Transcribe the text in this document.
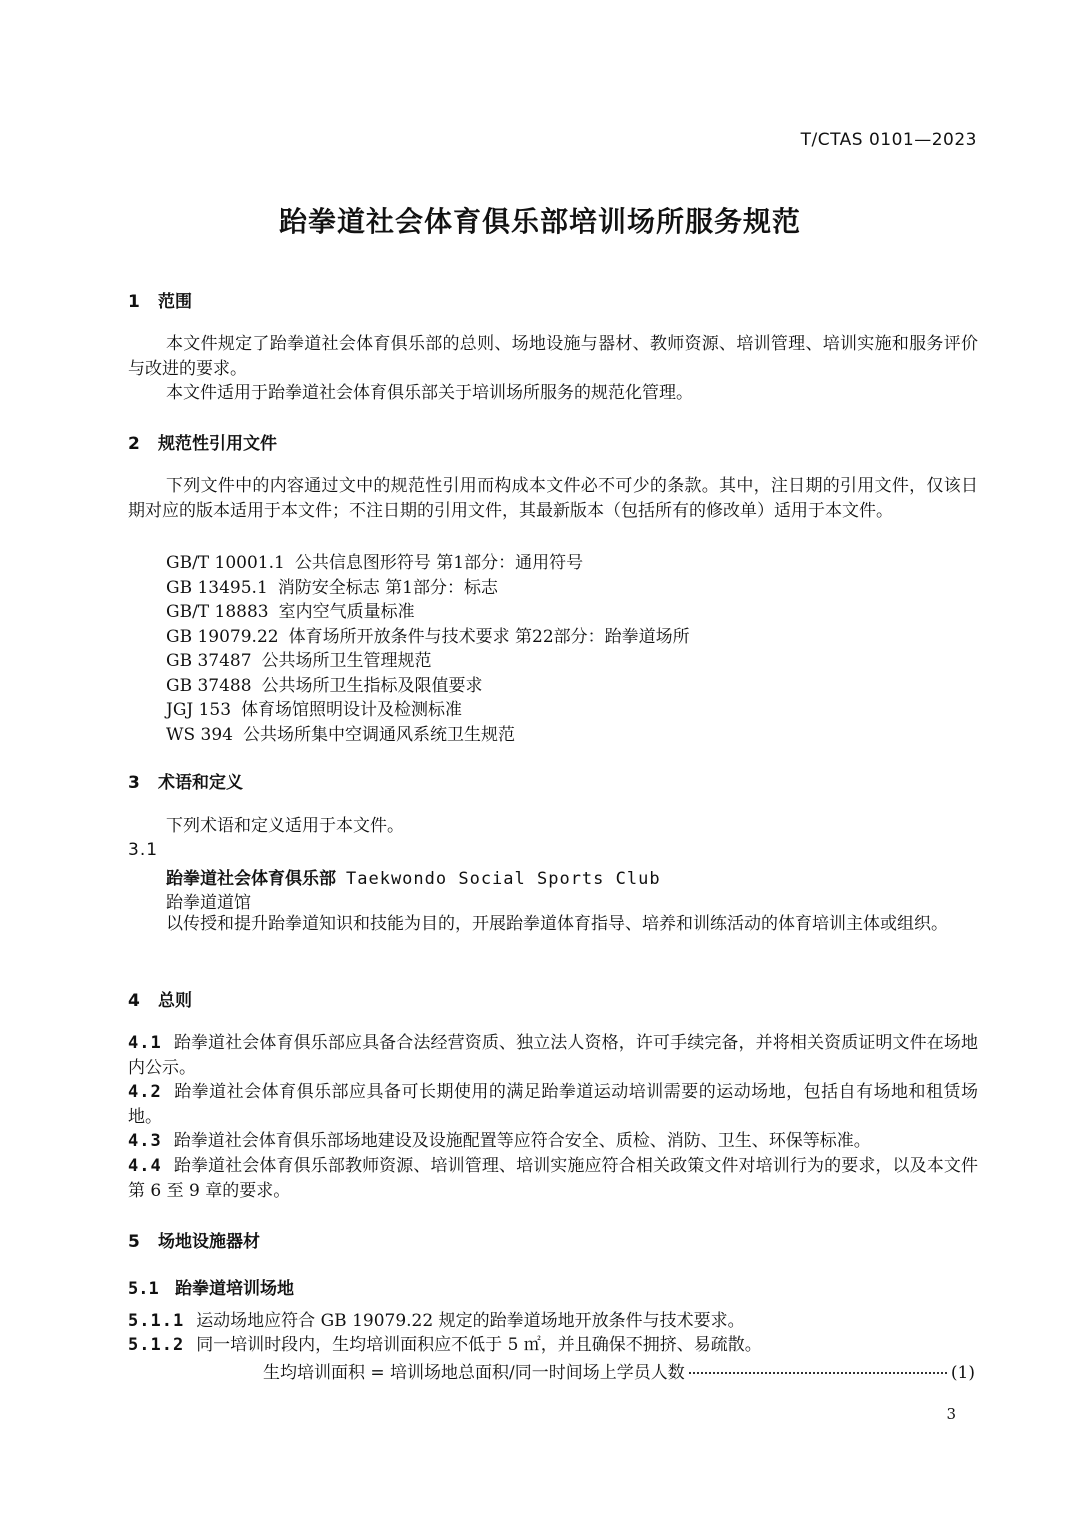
T/CTAS 0101—2023
跆拳道社会体育俱乐部培训场所服务规范
1 范围
本文件规定了跆拳道社会体育俱乐部的总则、场地设施与器材、教师资源、培训管理、培训实施和服务评价与改进的要求。
本文件适用于跆拳道社会体育俱乐部关于培训场所服务的规范化管理。
2 规范性引用文件
下列文件中的内容通过文中的规范性引用而构成本文件必不可少的条款。其中，注日期的引用文件，仅该日期对应的版本适用于本文件；不注日期的引用文件，其最新版本（包括所有的修改单）适用于本文件。
GB/T 10001.1 公共信息图形符号 第1部分：通用符号
GB 13495.1 消防安全标志 第1部分：标志
GB/T 18883 室内空气质量标准
GB 19079.22 体育场所开放条件与技术要求 第22部分：跆拳道场所
GB 37487 公共场所卫生管理规范
GB 37488 公共场所卫生指标及限值要求
JGJ 153 体育场馆照明设计及检测标准
WS 394 公共场所集中空调通风系统卫生规范
3 术语和定义
下列术语和定义适用于本文件。
3.1
跆拳道社会体育俱乐部 Taekwondo Social Sports Club
跆拳道道馆
以传授和提升跆拳道知识和技能为目的，开展跆拳道体育指导、培养和训练活动的体育培训主体或组织。
4 总则
4.1 跆拳道社会体育俱乐部应具备合法经营资质、独立法人资格，许可手续完备，并将相关资质证明文件在场地内公示。
4.2 跆拳道社会体育俱乐部应具备可长期使用的满足跆拳道运动培训需要的运动场地，包括自有场地和租赁场地。
4.3 跆拳道社会体育俱乐部场地建设及设施配置等应符合安全、质检、消防、卫生、环保等标准。
4.4 跆拳道社会体育俱乐部教师资源、培训管理、培训实施应符合相关政策文件对培训行为的要求，以及本文件第 6 至 9 章的要求。
5 场地设施器材
5.1 跆拳道培训场地
5.1.1 运动场地应符合 GB 19079.22 规定的跆拳道场地开放条件与技术要求。
5.1.2 同一培训时段内，生均培训面积应不低于 5 ㎡，并且确保不拥挤、易疏散。
生均培训面积 = 培训场地总面积/同一时间场上学员人数	(1)
3
